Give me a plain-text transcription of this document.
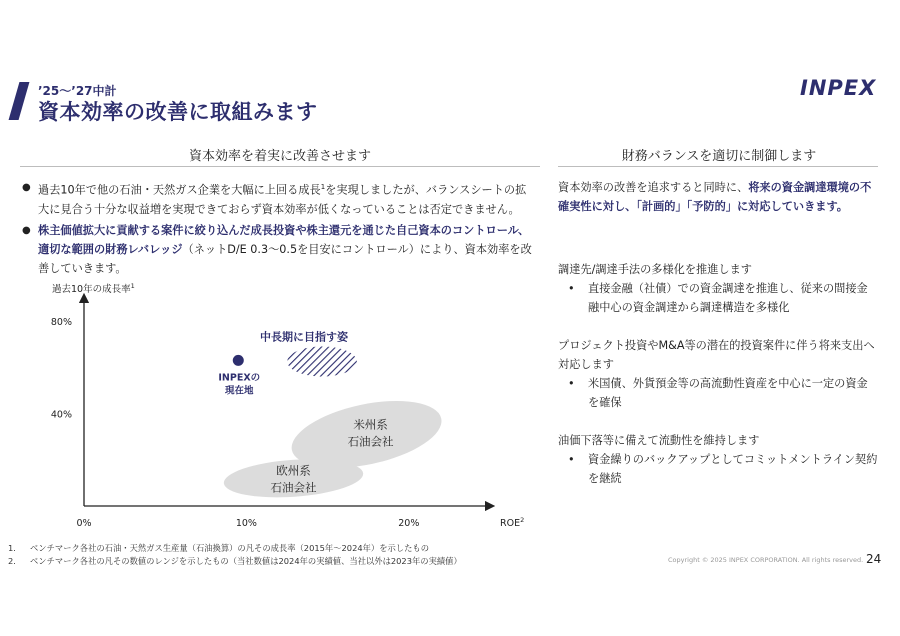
’25～’27中計
資本効率の改善に取組みます
INPEX
資本効率を着実に改善させます
● 過去10年で他の石油・天然ガス企業を大幅に上回る成長$^1$を実現しましたが、バランスシートの拡大に見合う十分な収益増を実現できておらず資本効率が低くなっていることは否定できません。
● 株主価値拡大に貢献する案件に絞り込んだ成長投資や株主還元を通じた自己資本のコントロール、適切な範囲の財務レバレッジ（ネットD/E 0.3～0.5を目安にコントロール）により、資本効率を改善していきます。
中長期に目指す姿
米州系
石油会社
欧州系
石油会社
過去10年の成長率$^1$
ROE$^2$
0%	10%	20%
40%
80%
INPEXの
現在地
財務バランスを適切に制御します
資本効率の改善を追求すると同時に、将来の資金調達環境の不確実性に対し、「計画的」「予防的」に対応していきます。
調達先/調達手法の多様化を推進します
•	直接金融（社債）での資金調達を推進し、従来の間接金融中心の資金調達から調達構造を多様化
プロジェクト投資やM&A等の潜在的投資案件に伴う将来支出へ対応します
•	米国債、外貨預金等の高流動性資産を中心に一定の資金を確保
油価下落等に備えて流動性を維持します
•	資金繰りのバックアップとしてコミットメントライン契約を継続
1.	ベンチマーク各社の石油・天然ガス生産量（石油換算）の凡その成長率（2015年～2024年）を示したもの
2.	ベンチマーク各社の凡その数値のレンジを示したもの（当社数値は2024年の実績値、当社以外は2023年の実績値）	Copyright © 2025 INPEX CORPORATION. All rights reserved. 24
